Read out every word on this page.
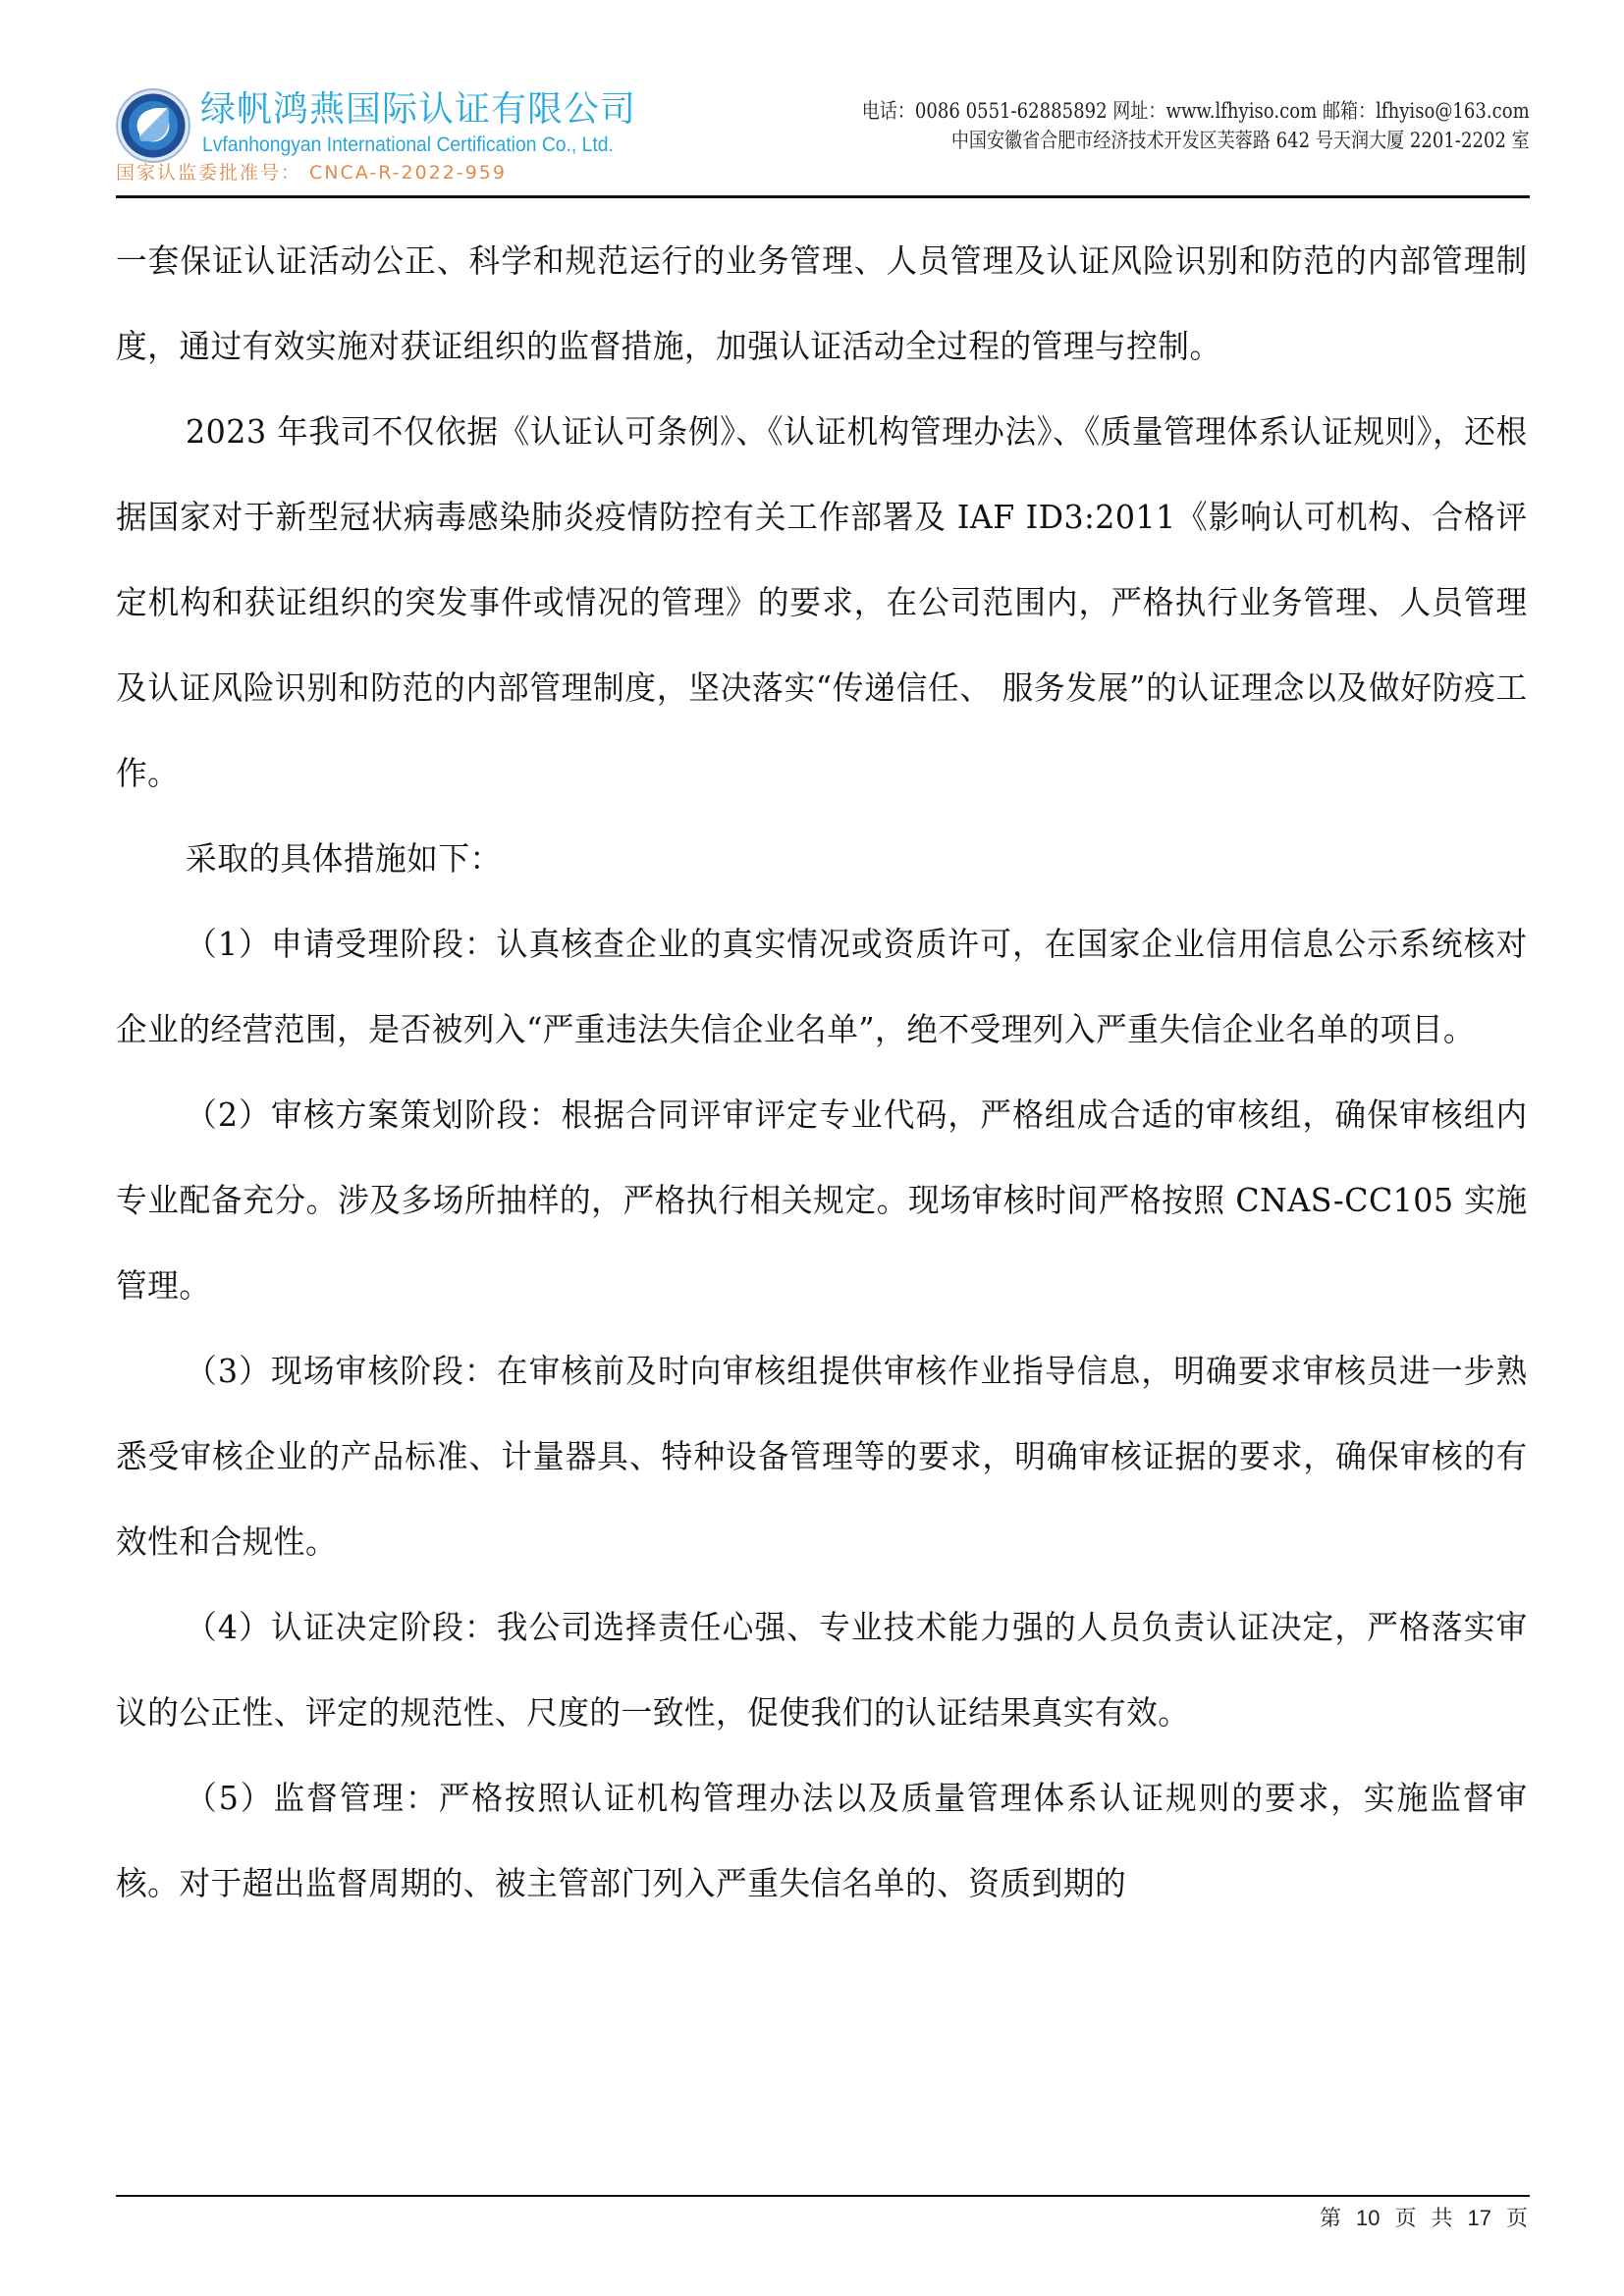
绿帆鸿燕国际认证有限公司
Lvfanhongyan International Certification Co., Ltd.
国家认监委批准号： CNCA-R-2022-959
电话：0086 0551-62885892 网址：www.lfhyiso.com 邮箱：lfhyiso@163.com
中国安徽省合肥市经济技术开发区芙蓉路 642 号天润大厦 2201-2202 室

一套保证认证活动公正、科学和规范运行的业务管理、人员管理及认证风险识别和防范的内部管理制度，通过有效实施对获证组织的监督措施，加强认证活动全过程的管理与控制。

2023 年我司不仅依据《认证认可条例》、《认证机构管理办法》、《质量管理体系认证规则》，还根据国家对于新型冠状病毒感染肺炎疫情防控有关工作部署及 IAF ID3:2011《影响认可机构、合格评定机构和获证组织的突发事件或情况的管理》的要求，在公司范围内，严格执行业务管理、人员管理及认证风险识别和防范的内部管理制度，坚决落实“传递信任、 服务发展”的认证理念以及做好防疫工作。

采取的具体措施如下：

（1）申请受理阶段：认真核查企业的真实情况或资质许可，在国家企业信用信息公示系统核对企业的经营范围，是否被列入“严重违法失信企业名单”，绝不受理列入严重失信企业名单的项目。

（2）审核方案策划阶段：根据合同评审评定专业代码，严格组成合适的审核组，确保审核组内专业配备充分。涉及多场所抽样的，严格执行相关规定。现场审核时间严格按照 CNAS-CC105 实施管理。

（3）现场审核阶段：在审核前及时向审核组提供审核作业指导信息，明确要求审核员进一步熟悉受审核企业的产品标准、计量器具、特种设备管理等的要求，明确审核证据的要求，确保审核的有效性和合规性。

（4）认证决定阶段：我公司选择责任心强、专业技术能力强的人员负责认证决定，严格落实审议的公正性、评定的规范性、尺度的一致性，促使我们的认证结果真实有效。

（5）监督管理：严格按照认证机构管理办法以及质量管理体系认证规则的要求，实施监督审核。对于超出监督周期的、被主管部门列入严重失信名单的、资质到期的

第 10 页 共 17 页
